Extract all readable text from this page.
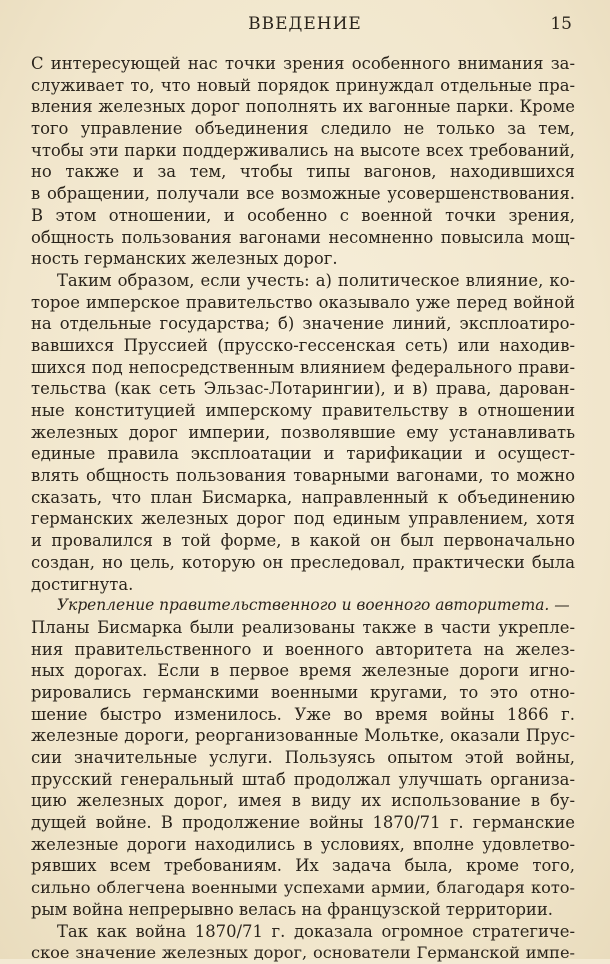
ВВЕДЕНИЕ	15
С интересующей нас точки зрения особенного внимания за-
служивает то, что новый порядок принуждал отдельные пра-
вления железных дорог пополнять их вагонные парки. Кроме
того управление объединения следило не только за тем,
чтобы эти парки поддерживались на высоте всех требований,
но также и за тем, чтобы типы вагонов, находившихся
в обращении, получали все возможные усовершенствования.
В этом отношении, и особенно с военной точки зрения,
общность пользования вагонами несомненно повысила мощ-
ность германских железных дорог.
Таким образом, если учесть: а) политическое влияние, ко-
торое имперское правительство оказывало уже перед войной
на отдельные государства; б) значение линий, эксплоатиро-
вавшихся Пруссией (прусско-гессенская сеть) или находив-
шихся под непосредственным влиянием федерального прави-
тельства (как сеть Эльзас-Лотарингии), и в) права, дарован-
ные конституцией имперскому правительству в отношении
железных дорог империи, позволявшие ему устанавливать
единые правила эксплоатации и тарификации и осущест-
влять общность пользования товарными вагонами, то можно
сказать, что план Бисмарка, направленный к объединению
германских железных дорог под единым управлением, хотя
и провалился в той форме, в какой он был первоначально
создан, но цель, которую он преследовал, практически была
достигнута.
Укрепление правительственного и военного авторитета. —
Планы Бисмарка были реализованы также в части укрепле-
ния правительственного и военного авторитета на желез-
ных дорогах. Если в первое время железные дороги игно-
рировались германскими военными кругами, то это отно-
шение быстро изменилось. Уже во время войны 1866 г.
железные дороги, реорганизованные Мольтке, оказали Прус-
сии значительные услуги. Пользуясь опытом этой войны,
прусский генеральный штаб продолжал улучшать организа-
цию железных дорог, имея в виду их использование в бу-
дущей войне. В продолжение войны 1870/71 г. германские
железные дороги находились в условиях, вполне удовлетво-
рявших всем требованиям. Их задача была, кроме того,
сильно облегчена военными успехами армии, благодаря кото-
рым война непрерывно велась на французской территории.
Так как война 1870/71 г. доказала огромное стратегиче-
ское значение железных дорог, основатели Германской импе-
